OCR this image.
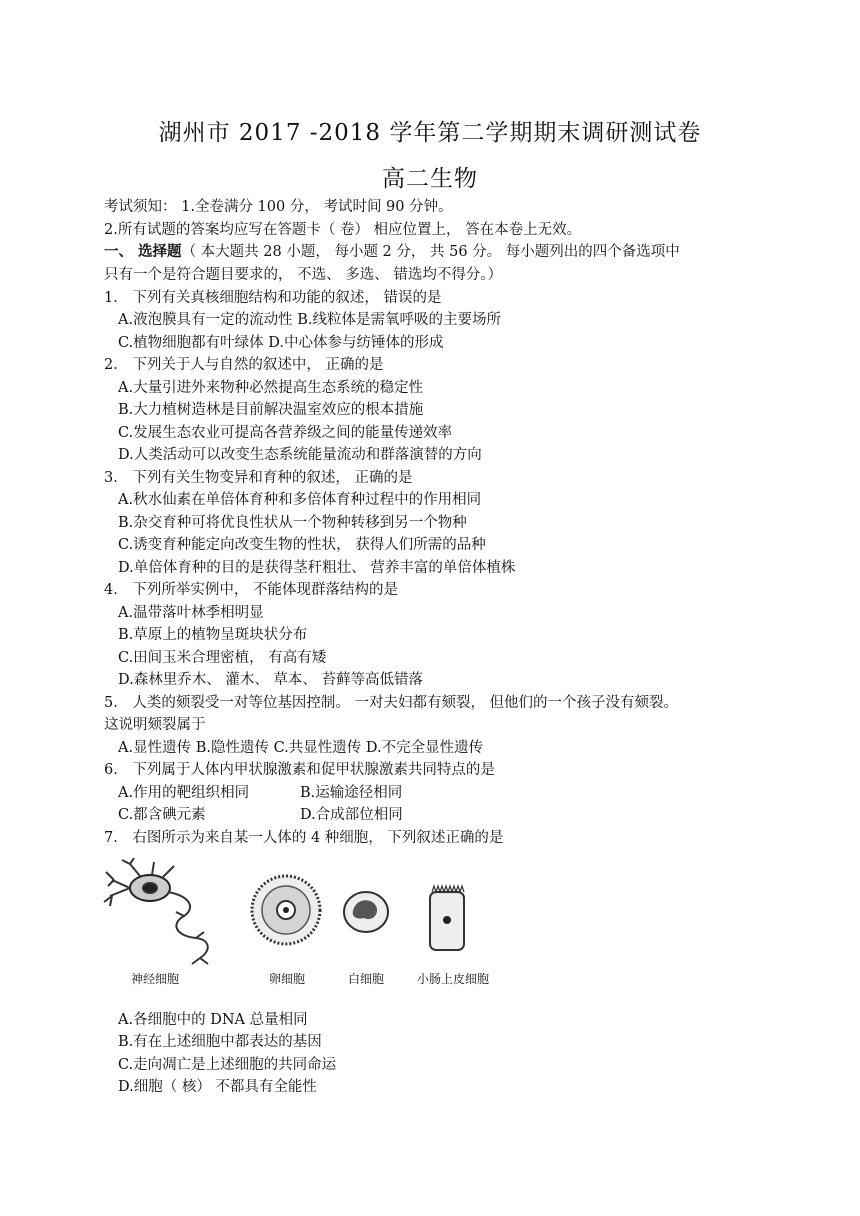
湖州市 2017 -2018 学年第二学期期末调研测试卷
高二生物
考试须知： 1.全卷满分 100 分， 考试时间 90 分钟。
2.所有试题的答案均应写在答题卡（ 卷） 相应位置上， 答在本卷上无效。
一、 选择题（ 本大题共 28 小题， 每小题 2 分， 共 56 分。 每小题列出的四个备选项中
只有一个是符合题目要求的， 不选、 多选、 错选均不得分。）
1． 下列有关真核细胞结构和功能的叙述， 错误的是
A.液泡膜具有一定的流动性 B.线粒体是需氧呼吸的主要场所
C.植物细胞都有叶绿体 D.中心体参与纺锤体的形成
2． 下列关于人与自然的叙述中， 正确的是
A.大量引进外来物种必然提高生态系统的稳定性
B.大力植树造林是目前解决温室效应的根本措施
C.发展生态农业可提高各营养级之间的能量传递效率
D.人类活动可以改变生态系统能量流动和群落演替的方向
3． 下列有关生物变异和育种的叙述， 正确的是
A.秋水仙素在单倍体育种和多倍体育种过程中的作用相同
B.杂交育种可将优良性状从一个物种转移到另一个物种
C.诱变育种能定向改变生物的性状， 获得人们所需的品种
D.单倍体育种的目的是获得茎秆粗壮、 营养丰富的单倍体植株
4． 下列所举实例中， 不能体现群落结构的是
A.温带落叶林季相明显
B.草原上的植物呈斑块状分布
C.田间玉米合理密植， 有高有矮
D.森林里乔木、 灌木、 草本、 苔藓等高低错落
5． 人类的颏裂受一对等位基因控制。 一对夫妇都有颏裂， 但他们的一个孩子没有颏裂。
这说明颏裂属于
A.显性遗传 B.隐性遗传 C.共显性遗传 D.不完全显性遗传
6． 下列属于人体内甲状腺激素和促甲状腺激素共同特点的是
A.作用的靶组织相同	B.运输途径相同
C.都含碘元素	D.合成部位相同
7． 右图所示为来自某一人体的 4 种细胞， 下列叙述正确的是
神经细胞	卵细胞	白细胞	小肠上皮细胞
A.各细胞中的 DNA 总量相同
B.有在上述细胞中都表达的基因
C.走向凋亡是上述细胞的共同命运
D.细胞（ 核） 不都具有全能性
